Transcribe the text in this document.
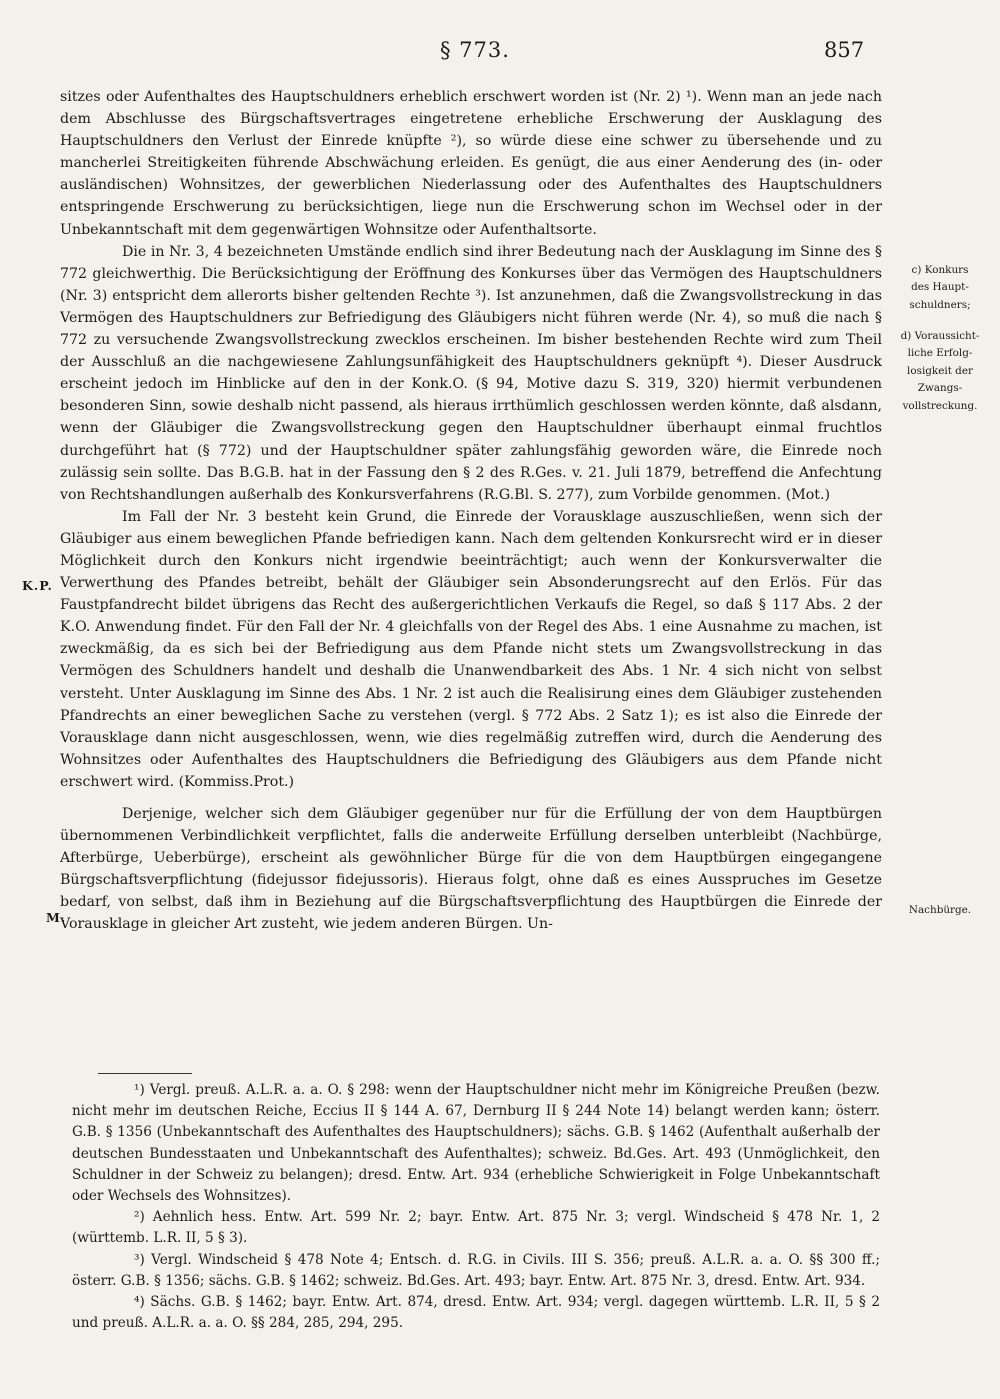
§ 773.	857

sitzes oder Aufenthaltes des Hauptschuldners erheblich erschwert worden ist (Nr. 2) ¹). Wenn man an jede nach dem Abschlusse des Bürgschaftsvertrages eingetretene erhebliche Erschwerung der Ausklagung des Hauptschuldners den Verlust der Einrede knüpfte ²), so würde diese eine schwer zu übersehende und zu mancherlei Streitigkeiten führende Abschwächung erleiden. Es genügt, die aus einer Aenderung des (in- oder ausländischen) Wohnsitzes, der gewerblichen Niederlassung oder des Aufenthaltes des Hauptschuldners entspringende Erschwerung zu berücksichtigen, liege nun die Erschwerung schon im Wechsel oder in der Unbekanntschaft mit dem gegenwärtigen Wohnsitze oder Aufenthaltsorte.

Die in Nr. 3, 4 bezeichneten Umstände endlich sind ihrer Bedeutung nach der Ausklagung im Sinne des § 772 gleichwerthig. Die Berücksichtigung der Eröffnung des Konkurses über das Vermögen des Hauptschuldners (Nr. 3) entspricht dem allerorts bisher geltenden Rechte ³). Ist anzunehmen, daß die Zwangsvollstreckung in das Vermögen des Hauptschuldners zur Befriedigung des Gläubigers nicht führen werde (Nr. 4), so muß die nach § 772 zu versuchende Zwangsvollstreckung zwecklos erscheinen. Im bisher bestehenden Rechte wird zum Theil der Ausschluß an die nachgewiesene Zahlungsunfähigkeit des Hauptschuldners geknüpft ⁴). Dieser Ausdruck erscheint jedoch im Hinblicke auf den in der Konk.O. (§ 94, Motive dazu S. 319, 320) hiermit verbundenen besonderen Sinn, sowie deshalb nicht passend, als hieraus irrthümlich geschlossen werden könnte, daß alsdann, wenn der Gläubiger die Zwangsvollstreckung gegen den Hauptschuldner überhaupt einmal fruchtlos durchgeführt hat (§ 772) und der Hauptschuldner später zahlungsfähig geworden wäre, die Einrede noch zulässig sein sollte. Das B.G.B. hat in der Fassung den § 2 des R.Ges. v. 21. Juli 1879, betreffend die Anfechtung von Rechtshandlungen außerhalb des Konkursverfahrens (R.G.Bl. S. 277), zum Vorbilde genommen. (Mot.)

Im Fall der Nr. 3 besteht kein Grund, die Einrede der Vorausklage auszuschließen, wenn sich der Gläubiger aus einem beweglichen Pfande befriedigen kann. Nach dem geltenden Konkursrecht wird er in dieser Möglichkeit durch den Konkurs nicht irgendwie beeinträchtigt; auch wenn der Konkursverwalter die Verwerthung des Pfandes betreibt, behält der Gläubiger sein Absonderungsrecht auf den Erlös. Für das Faustpfandrecht bildet übrigens das Recht des außergerichtlichen Verkaufs die Regel, so daß § 117 Abs. 2 der K.O. Anwendung findet. Für den Fall der Nr. 4 gleichfalls von der Regel des Abs. 1 eine Ausnahme zu machen, ist zweckmäßig, da es sich bei der Befriedigung aus dem Pfande nicht stets um Zwangsvollstreckung in das Vermögen des Schuldners handelt und deshalb die Unanwendbarkeit des Abs. 1 Nr. 4 sich nicht von selbst versteht. Unter Ausklagung im Sinne des Abs. 1 Nr. 2 ist auch die Realisirung eines dem Gläubiger zustehenden Pfandrechts an einer beweglichen Sache zu verstehen (vergl. § 772 Abs. 2 Satz 1); es ist also die Einrede der Vorausklage dann nicht ausgeschlossen, wenn, wie dies regelmäßig zutreffen wird, durch die Aenderung des Wohnsitzes oder Aufenthaltes des Hauptschuldners die Befriedigung des Gläubigers aus dem Pfande nicht erschwert wird. (Kommiss.Prot.)

Derjenige, welcher sich dem Gläubiger gegenüber nur für die Erfüllung der von dem Hauptbürgen übernommenen Verbindlichkeit verpflichtet, falls die anderweite Erfüllung derselben unterbleibt (Nachbürge, Afterbürge, Ueberbürge), erscheint als gewöhnlicher Bürge für die von dem Hauptbürgen eingegangene Bürgschaftsverpflichtung (fidejussor fidejussoris). Hieraus folgt, ohne daß es eines Ausspruches im Gesetze bedarf, von selbst, daß ihm in Beziehung auf die Bürgschaftsverpflichtung des Hauptbürgen die Einrede der Vorausklage in gleicher Art zusteht, wie jedem anderen Bürgen. Un-

K.P.
M.
c) Konkurs
des Haupt-
schuldners;
d) Voraussicht-
liche Erfolg-
losigkeit der
Zwangs-
vollstreckung.
Nachbürge.

¹) Vergl. preuß. A.L.R. a. a. O. § 298: wenn der Hauptschuldner nicht mehr im Königreiche Preußen (bezw. nicht mehr im deutschen Reiche, Eccius II § 144 A. 67, Dernburg II § 244 Note 14) belangt werden kann; österr. G.B. § 1356 (Unbekanntschaft des Aufenthaltes des Hauptschuldners); sächs. G.B. § 1462 (Aufenthalt außerhalb der deutschen Bundesstaaten und Unbekanntschaft des Aufenthaltes); schweiz. Bd.Ges. Art. 493 (Unmöglichkeit, den Schuldner in der Schweiz zu belangen); dresd. Entw. Art. 934 (erhebliche Schwierigkeit in Folge Unbekanntschaft oder Wechsels des Wohnsitzes).

²) Aehnlich hess. Entw. Art. 599 Nr. 2; bayr. Entw. Art. 875 Nr. 3; vergl. Windscheid § 478 Nr. 1, 2 (württemb. L.R. II, 5 § 3).

³) Vergl. Windscheid § 478 Note 4; Entsch. d. R.G. in Civils. III S. 356; preuß. A.L.R. a. a. O. §§ 300 ff.; österr. G.B. § 1356; sächs. G.B. § 1462; schweiz. Bd.Ges. Art. 493; bayr. Entw. Art. 875 Nr. 3, dresd. Entw. Art. 934.

⁴) Sächs. G.B. § 1462; bayr. Entw. Art. 874, dresd. Entw. Art. 934; vergl. dagegen württemb. L.R. II, 5 § 2 und preuß. A.L.R. a. a. O. §§ 284, 285, 294, 295.
